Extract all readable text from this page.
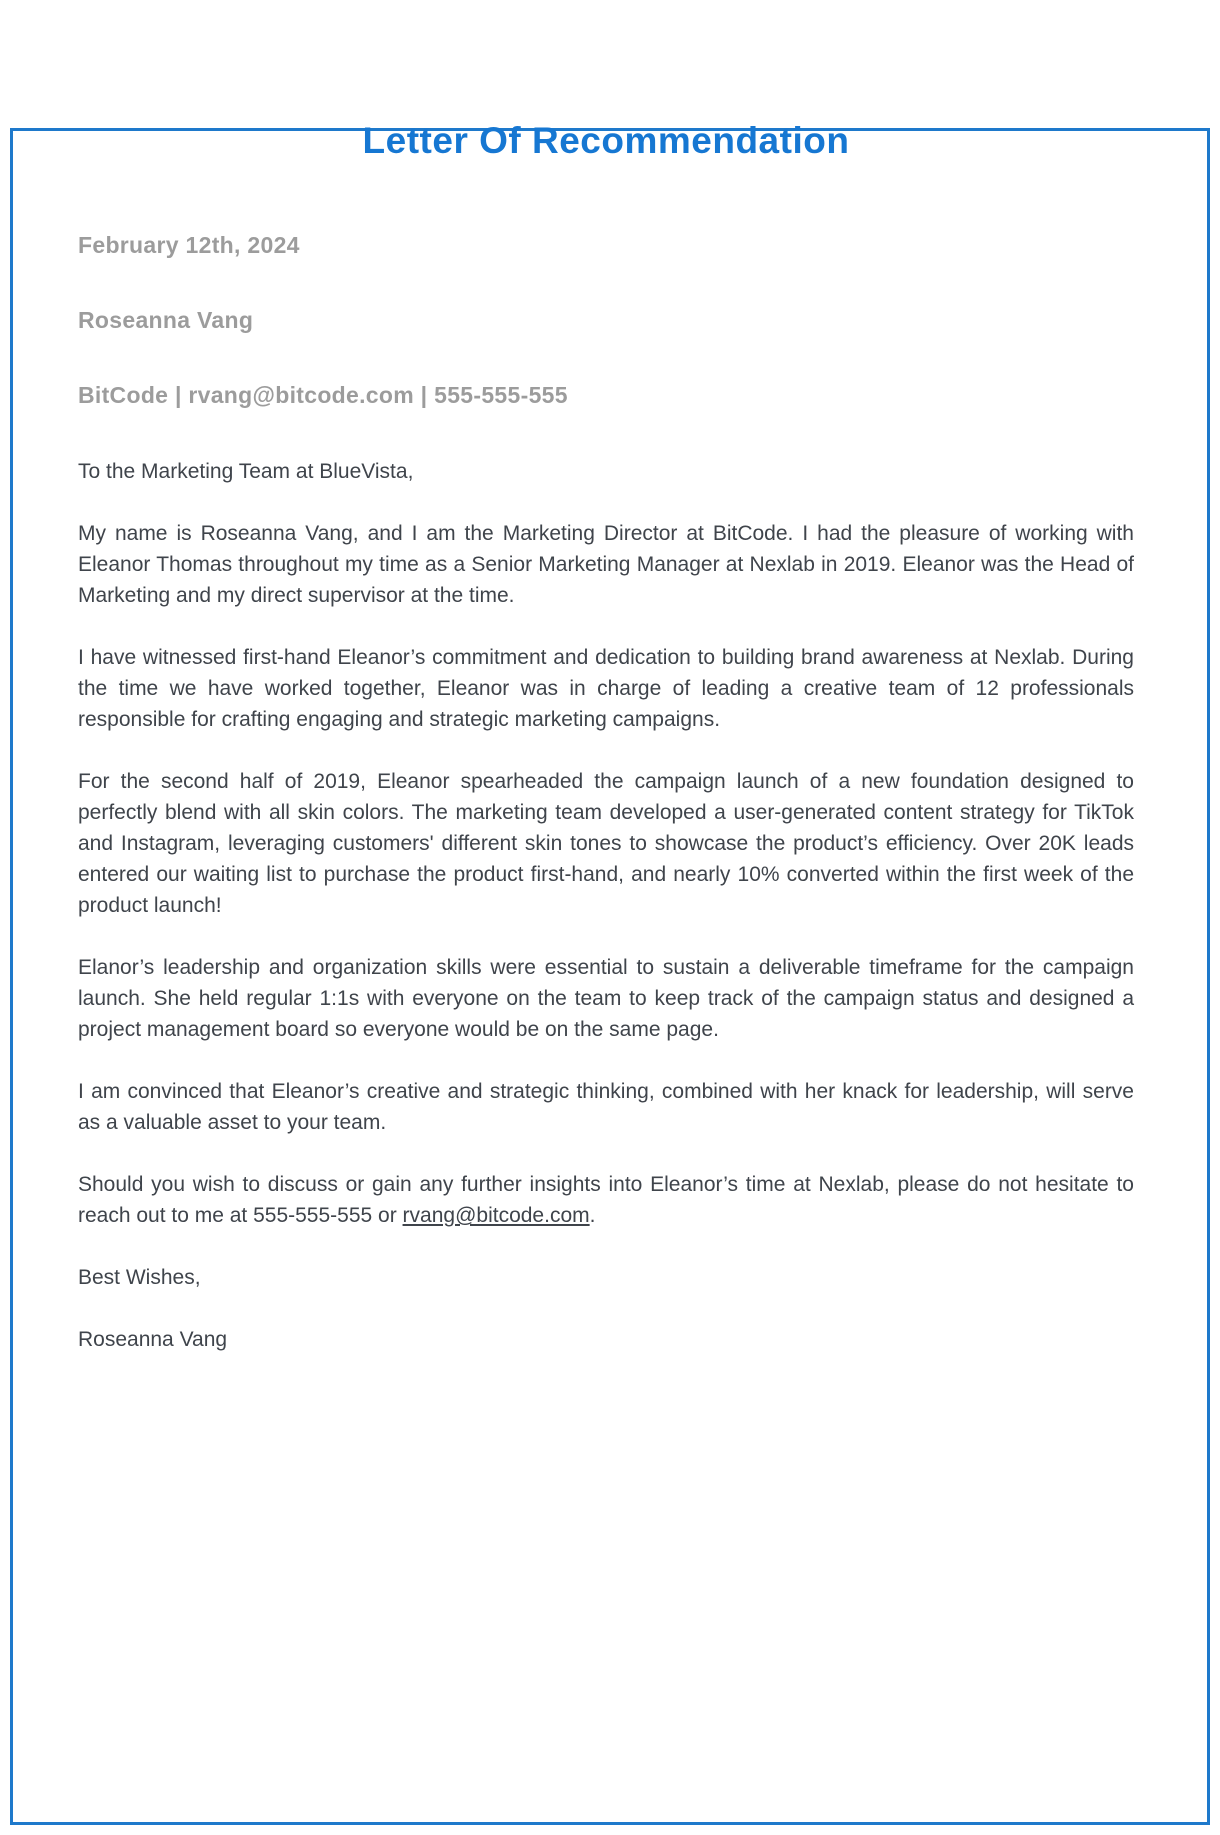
Letter Of Recommendation

February 12th, 2024

Roseanna Vang

BitCode | rvang@bitcode.com | 555-555-555

To the Marketing Team at BlueVista,

My name is Roseanna Vang, and I am the Marketing Director at BitCode. I had the pleasure of working with Eleanor Thomas throughout my time as a Senior Marketing Manager at Nexlab in 2019. Eleanor was the Head of Marketing and my direct supervisor at the time.

I have witnessed first-hand Eleanor’s commitment and dedication to building brand awareness at Nexlab. During the time we have worked together, Eleanor was in charge of leading a creative team of 12 professionals responsible for crafting engaging and strategic marketing campaigns.

For the second half of 2019, Eleanor spearheaded the campaign launch of a new foundation designed to perfectly blend with all skin colors. The marketing team developed a user-generated content strategy for TikTok and Instagram, leveraging customers' different skin tones to showcase the product’s efficiency. Over 20K leads entered our waiting list to purchase the product first-hand, and nearly 10% converted within the first week of the product launch!

Elanor’s leadership and organization skills were essential to sustain a deliverable timeframe for the campaign launch. She held regular 1:1s with everyone on the team to keep track of the campaign status and designed a project management board so everyone would be on the same page.

I am convinced that Eleanor’s creative and strategic thinking, combined with her knack for leadership, will serve as a valuable asset to your team.

Should you wish to discuss or gain any further insights into Eleanor’s time at Nexlab, please do not hesitate to reach out to me at 555-555-555 or rvang@bitcode.com.

Best Wishes,

Roseanna Vang
